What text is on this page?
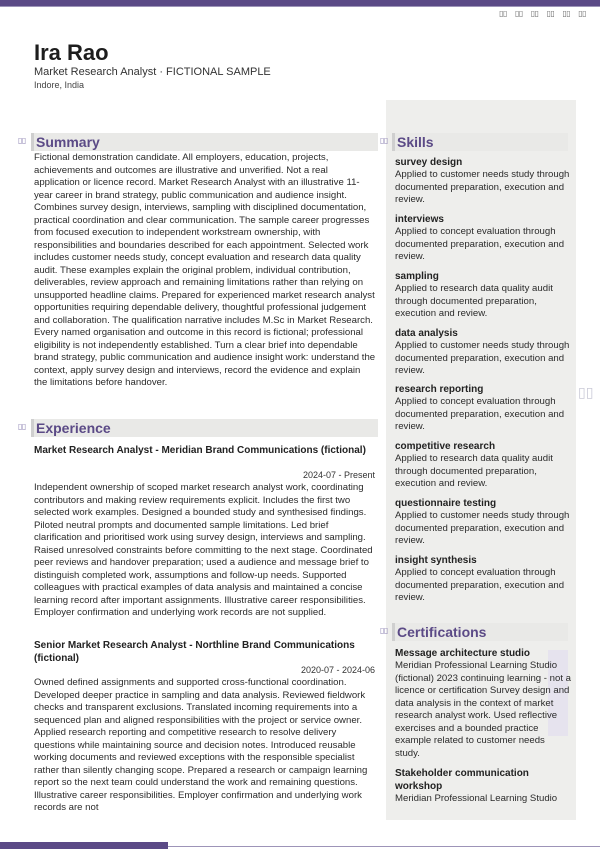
▯▯ ▯▯ ▯▯ ▯▯ ▯▯ ▯▯
Ira Rao
Market Research Analyst · FICTIONAL SAMPLE
Indore, India
▯▯ Summary
Fictional demonstration candidate. All employers, education, projects, achievements and outcomes are illustrative and unverified. Not a real application or licence record. Market Research Analyst with an illustrative 11-year career in brand strategy, public communication and audience insight. Combines survey design, interviews, sampling with disciplined documentation, practical coordination and clear communication. The sample career progresses from focused execution to independent workstream ownership, with responsibilities and boundaries described for each appointment. Selected work includes customer needs study, concept evaluation and research data quality audit. These examples explain the original problem, individual contribution, deliverables, review approach and remaining limitations rather than relying on unsupported headline claims. Prepared for experienced market research analyst opportunities requiring dependable delivery, thoughtful professional judgement and collaboration. The qualification narrative includes M.Sc in Market Research. Every named organisation and outcome in this record is fictional; professional eligibility is not independently established. Turn a clear brief into dependable brand strategy, public communication and audience insight work: understand the context, apply survey design and interviews, record the evidence and explain the limitations before handover.
▯▯ Experience
Market Research Analyst - Meridian Brand Communications (fictional)
2024-07 - Present
Independent ownership of scoped market research analyst work, coordinating contributors and making review requirements explicit. Includes the first two selected work examples. Designed a bounded study and synthesised findings. Piloted neutral prompts and documented sample limitations. Led brief clarification and prioritised work using survey design, interviews and sampling. Raised unresolved constraints before committing to the next stage. Coordinated peer reviews and handover preparation; used a audience and message brief to distinguish completed work, assumptions and follow-up needs. Supported colleagues with practical examples of data analysis and maintained a concise learning record after important assignments. Illustrative career responsibilities. Employer confirmation and underlying work records are not supplied.
Senior Market Research Analyst - Northline Brand Communications (fictional)
2020-07 - 2024-06
Owned defined assignments and supported cross-functional coordination. Developed deeper practice in sampling and data analysis. Reviewed fieldwork checks and transparent exclusions. Translated incoming requirements into a sequenced plan and aligned responsibilities with the project or service owner. Applied research reporting and competitive research to resolve delivery questions while maintaining source and decision notes. Introduced reusable working documents and reviewed exceptions with the responsible specialist rather than silently changing scope. Prepared a research or campaign learning report so the next team could understand the work and remaining questions. Illustrative career responsibilities. Employer confirmation and underlying work records are not
▯▯ Skills
survey design
Applied to customer needs study through documented preparation, execution and review.
interviews
Applied to concept evaluation through documented preparation, execution and review.
sampling
Applied to research data quality audit through documented preparation, execution and review.
data analysis
Applied to customer needs study through documented preparation, execution and review.
research reporting
Applied to concept evaluation through documented preparation, execution and review.
competitive research
Applied to research data quality audit through documented preparation, execution and review.
questionnaire testing
Applied to customer needs study through documented preparation, execution and review.
insight synthesis
Applied to concept evaluation through documented preparation, execution and review.
▯▯ Certifications
Message architecture studio
Meridian Professional Learning Studio (fictional) 2023 continuing learning - not a licence or certification Survey design and data analysis in the context of market research analyst work. Used reflective exercises and a bounded practice example related to customer needs study.
Stakeholder communication workshop
Meridian Professional Learning Studio
▯▯
